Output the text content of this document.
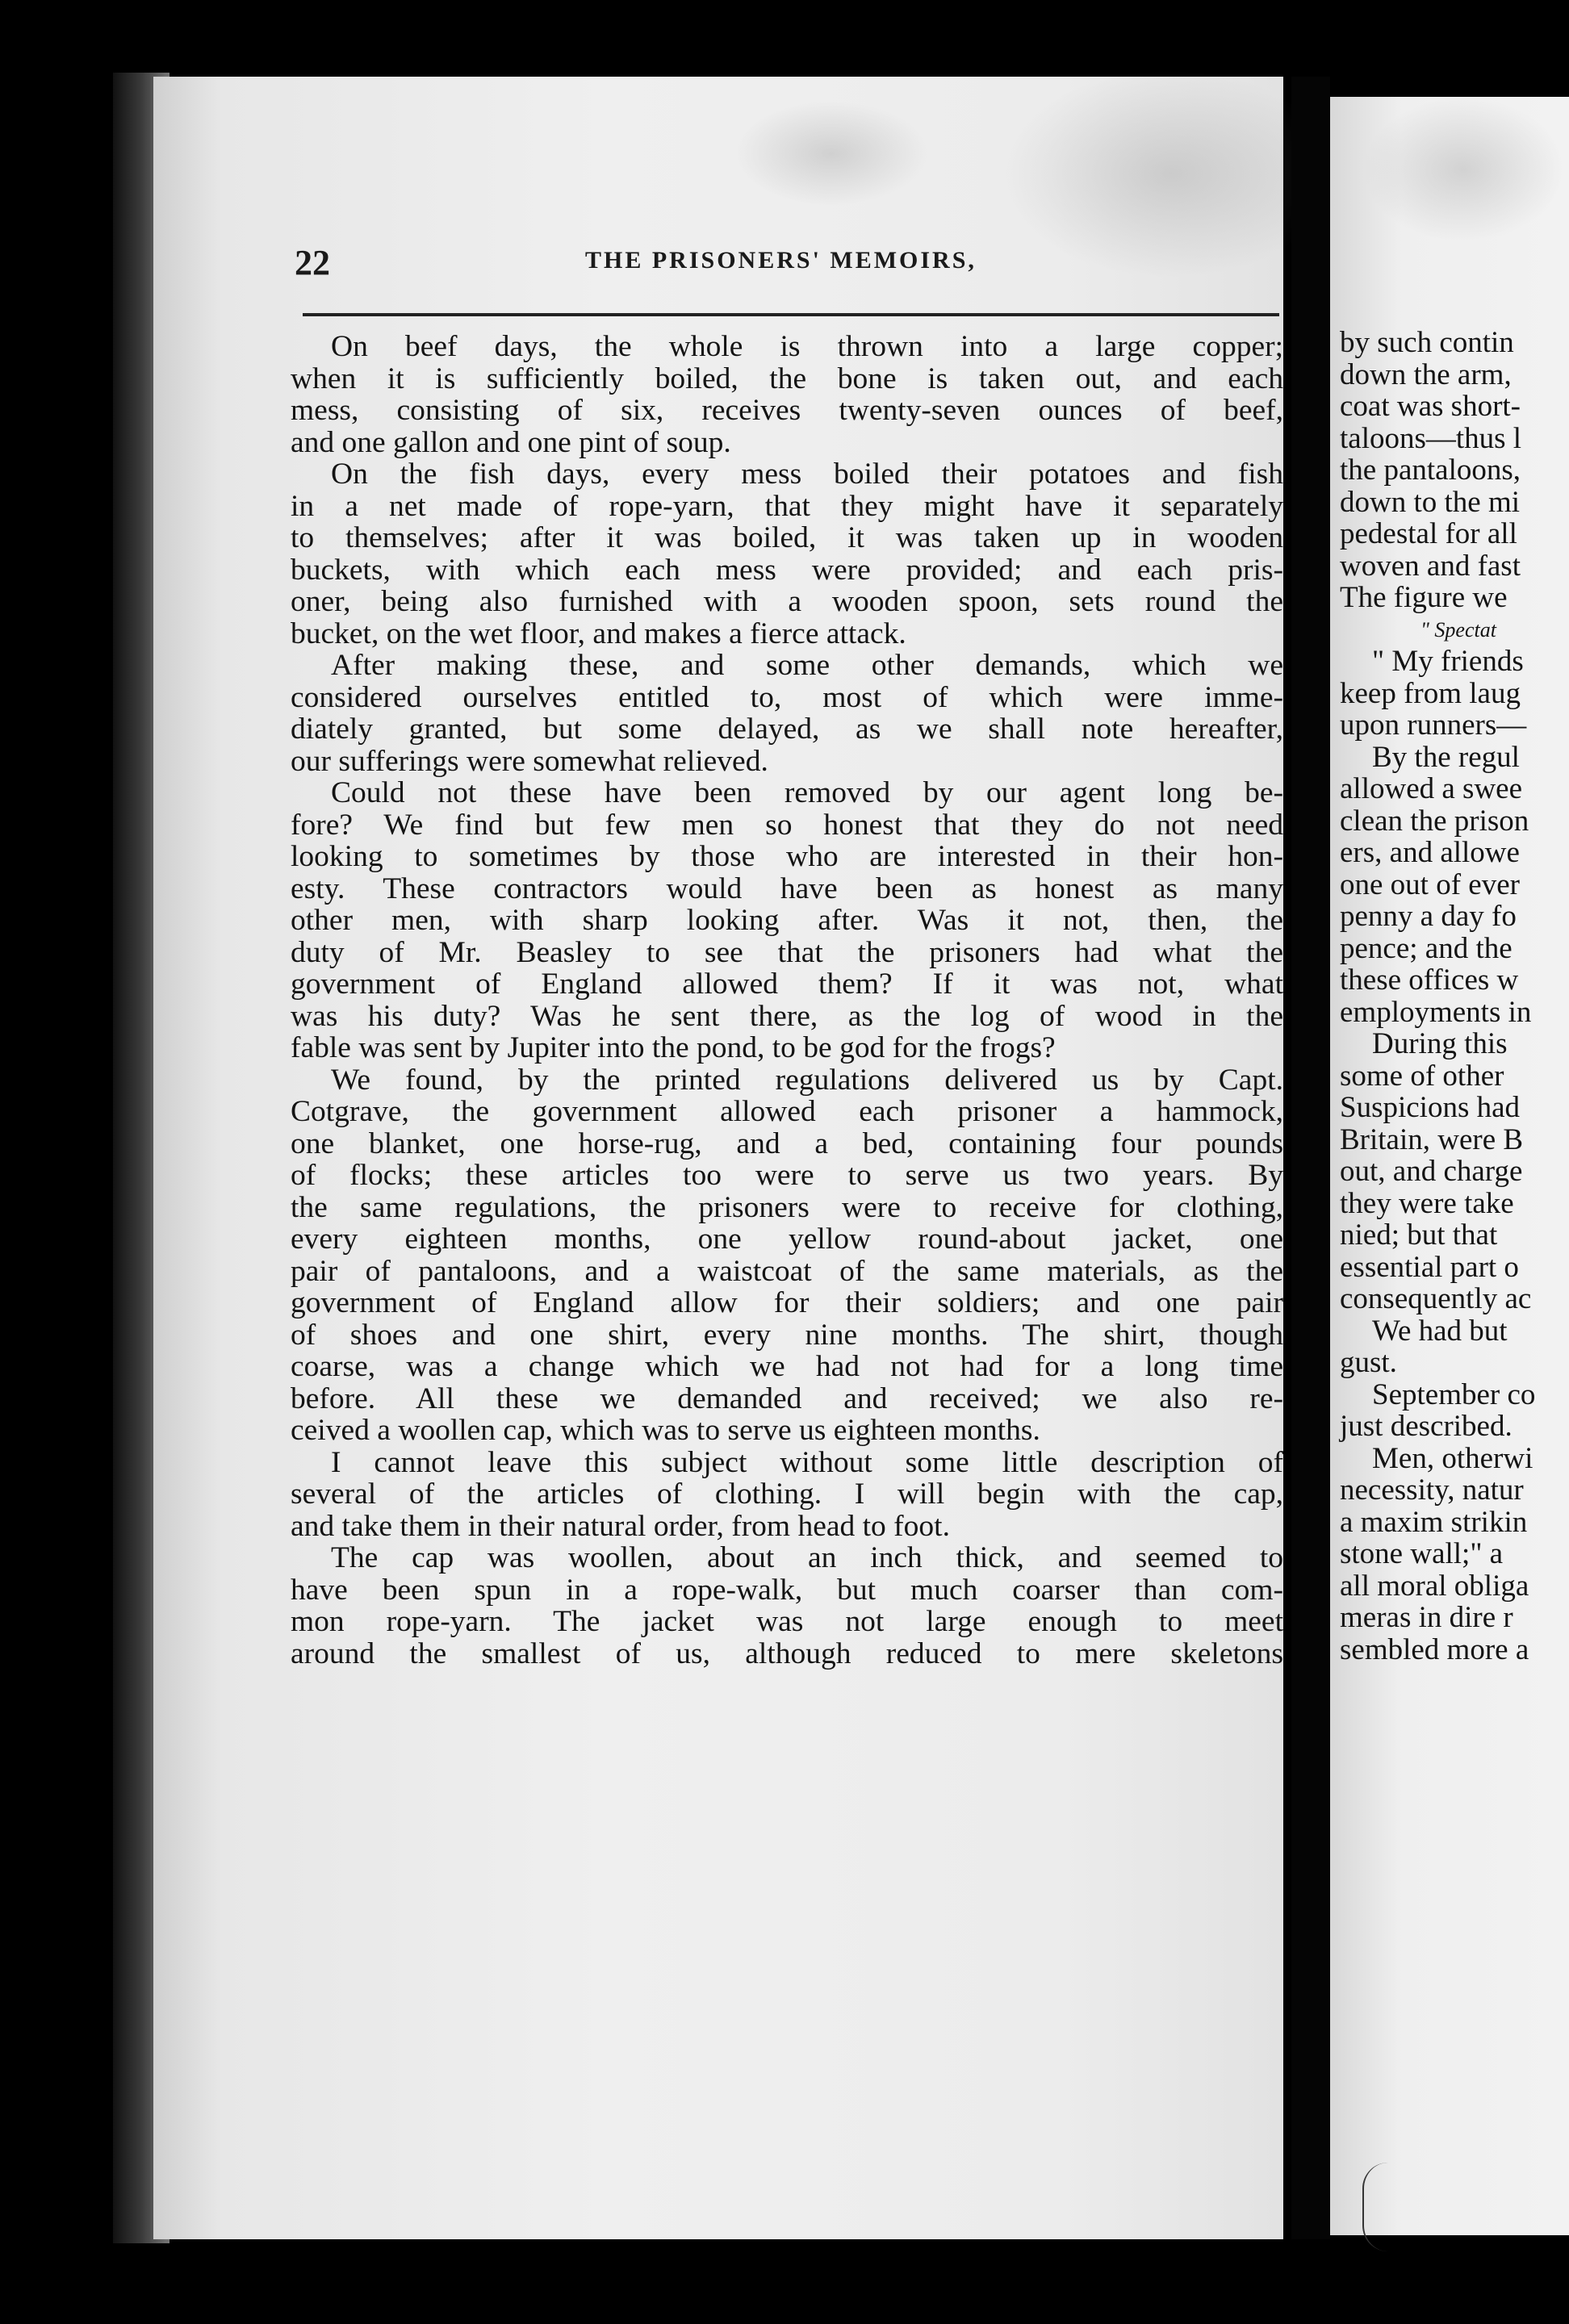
22	THE PRISONERS' MEMOIRS,
On beef days, the whole is thrown into a large copper;
when it is sufficiently boiled, the bone is taken out, and each
mess, consisting of six, receives twenty-seven ounces of beef,
and one gallon and one pint of soup.
On the fish days, every mess boiled their potatoes and fish
in a net made of rope-yarn, that they might have it separately
to themselves; after it was boiled, it was taken up in wooden
buckets, with which each mess were provided; and each pris-
oner, being also furnished with a wooden spoon, sets round the
bucket, on the wet floor, and makes a fierce attack.
After making these, and some other demands, which we
considered ourselves entitled to, most of which were imme-
diately granted, but some delayed, as we shall note hereafter,
our sufferings were somewhat relieved.
Could not these have been removed by our agent long be-
fore? We find but few men so honest that they do not need
looking to sometimes by those who are interested in their hon-
esty. These contractors would have been as honest as many
other men, with sharp looking after. Was it not, then, the
duty of Mr. Beasley to see that the prisoners had what the
government of England allowed them? If it was not, what
was his duty? Was he sent there, as the log of wood in the
fable was sent by Jupiter into the pond, to be god for the frogs?
We found, by the printed regulations delivered us by Capt.
Cotgrave, the government allowed each prisoner a hammock,
one blanket, one horse-rug, and a bed, containing four pounds
of flocks; these articles too were to serve us two years. By
the same regulations, the prisoners were to receive for clothing,
every eighteen months, one yellow round-about jacket, one
pair of pantaloons, and a waistcoat of the same materials, as the
government of England allow for their soldiers; and one pair
of shoes and one shirt, every nine months. The shirt, though
coarse, was a change which we had not had for a long time
before. All these we demanded and received; we also re-
ceived a woollen cap, which was to serve us eighteen months.
I cannot leave this subject without some little description of
several of the articles of clothing. I will begin with the cap,
and take them in their natural order, from head to foot.
The cap was woollen, about an inch thick, and seemed to
have been spun in a rope-walk, but much coarser than com-
mon rope-yarn. The jacket was not large enough to meet
around the smallest of us, although reduced to mere skeletons
by such contin
down the arm,
coat was short-
taloons—thus l
the pantaloons,
down to the mi
pedestal for all
woven and fast
The figure we
" Spectat
" My friends
keep from laug
upon runners—
By the regul
allowed a swee
clean the prison
ers, and allowe
one out of ever
penny a day fo
pence; and the
these offices w
employments in
During this
some of other
Suspicions had
Britain, were B
out, and charge
they were take
nied; but that
essential part o
consequently ac
We had but
gust.
September co
just described.
Men, otherwi
necessity, natur
a maxim strikin
stone wall;" a
all moral obliga
meras in dire r
sembled more a
